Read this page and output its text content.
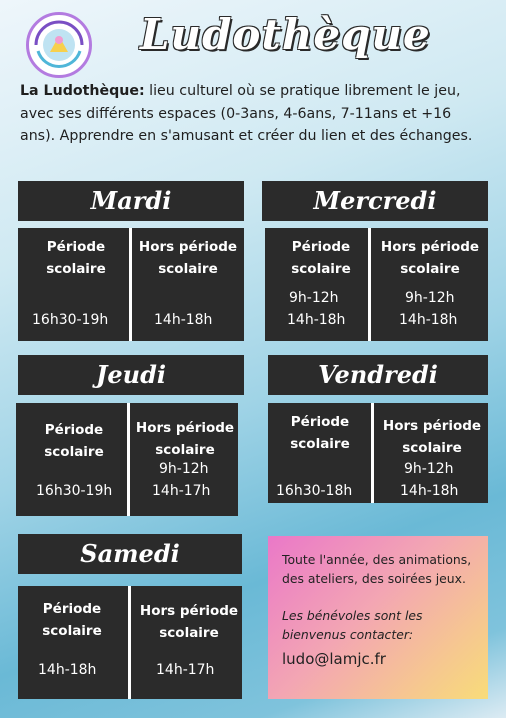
Ludothèque

La Ludothèque: lieu culturel où se pratique librement le jeu, avec ses différents espaces (0-3ans, 4-6ans, 7-11ans et +16 ans). Apprendre en s'amusant et créer du lien et des échanges.

Mardi
Période scolaire
Hors période scolaire
16h30-19h	14h-18h
Mercredi
Période scolaire
Hors période scolaire
9h-12h
14h-18h
9h-12h
14h-18h
Jeudi
Période scolaire
Hors période scolaire
16h30-19h
9h-12h
14h-17h
Vendredi
Période scolaire
Hors période scolaire
16h30-18h
9h-12h
14h-18h
Samedi
Période scolaire
Hors période scolaire
14h-18h	14h-17h
Toute l'année, des animations, des ateliers, des soirées jeux.
Les bénévoles sont les bienvenus contacter:
ludo@lamjc.fr
